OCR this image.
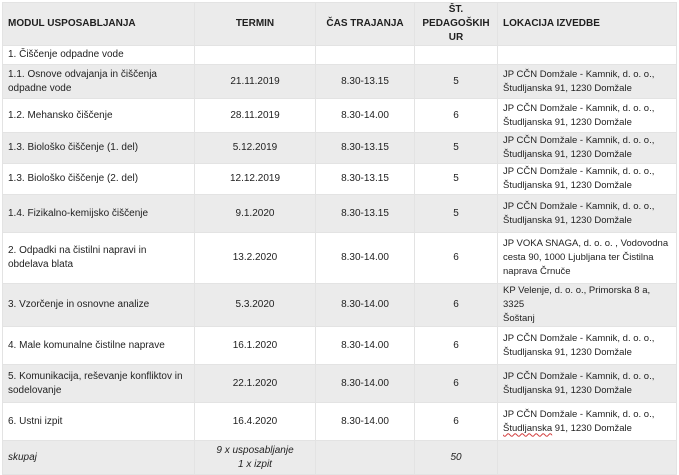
MODUL USPOSABLJANJA	TERMIN	ČAS TRAJANJA	ŠT. PEDAGOŠKIH UR	LOKACIJA IZVEDBE
1. Čiščenje odpadne vode				
1.1. Osnove odvajanja in čiščenja odpadne vode	21.11.2019	8.30-13.15	5	JP CČN Domžale - Kamnik, d. o. o.,
Študljanska 91, 1230 Domžale

1.2. Mehansko čiščenje	28.11.2019	8.30-14.00	6	JP CČN Domžale - Kamnik, d. o. o.,
Študljanska 91, 1230 Domžale

1.3. Biološko čiščenje (1. del)	5.12.2019	8.30-13.15	5	JP CČN Domžale - Kamnik, d. o. o.,
Študljanska 91, 1230 Domžale

1.3. Biološko čiščenje (2. del)	12.12.2019	8.30-13.15	5	JP CČN Domžale - Kamnik, d. o. o.,
Študljanska 91, 1230 Domžale

1.4. Fizikalno-kemijsko čiščenje	9.1.2020	8.30-13.15	5	JP CČN Domžale - Kamnik, d. o. o.,
Študljanska 91, 1230 Domžale

2. Odpadki na čistilni napravi in obdelava blata	13.2.2020	8.30-14.00	6	JP VOKA SNAGA, d. o. o. , Vodovodna
cesta 90, 1000 Ljubljana ter Čistilna
naprava Črnuče

3. Vzorčenje in osnovne analize	5.3.2020	8.30-14.00	6	KP Velenje, d. o. o., Primorska 8 a, 3325
Šoštanj

4. Male komunalne čistilne naprave	16.1.2020	8.30-14.00	6	JP CČN Domžale - Kamnik, d. o. o.,
Študljanska 91, 1230 Domžale

5. Komunikacija, reševanje konfliktov in sodelovanje	22.1.2020	8.30-14.00	6	JP CČN Domžale - Kamnik, d. o. o.,
Študljanska 91, 1230 Domžale

6. Ustni izpit	16.4.2020	8.30-14.00	6	JP CČN Domžale - Kamnik, d. o. o.,
Študljanska 91, 1230 Domžale

skupaj	9 x usposabljanje
1 x izpit		50	
